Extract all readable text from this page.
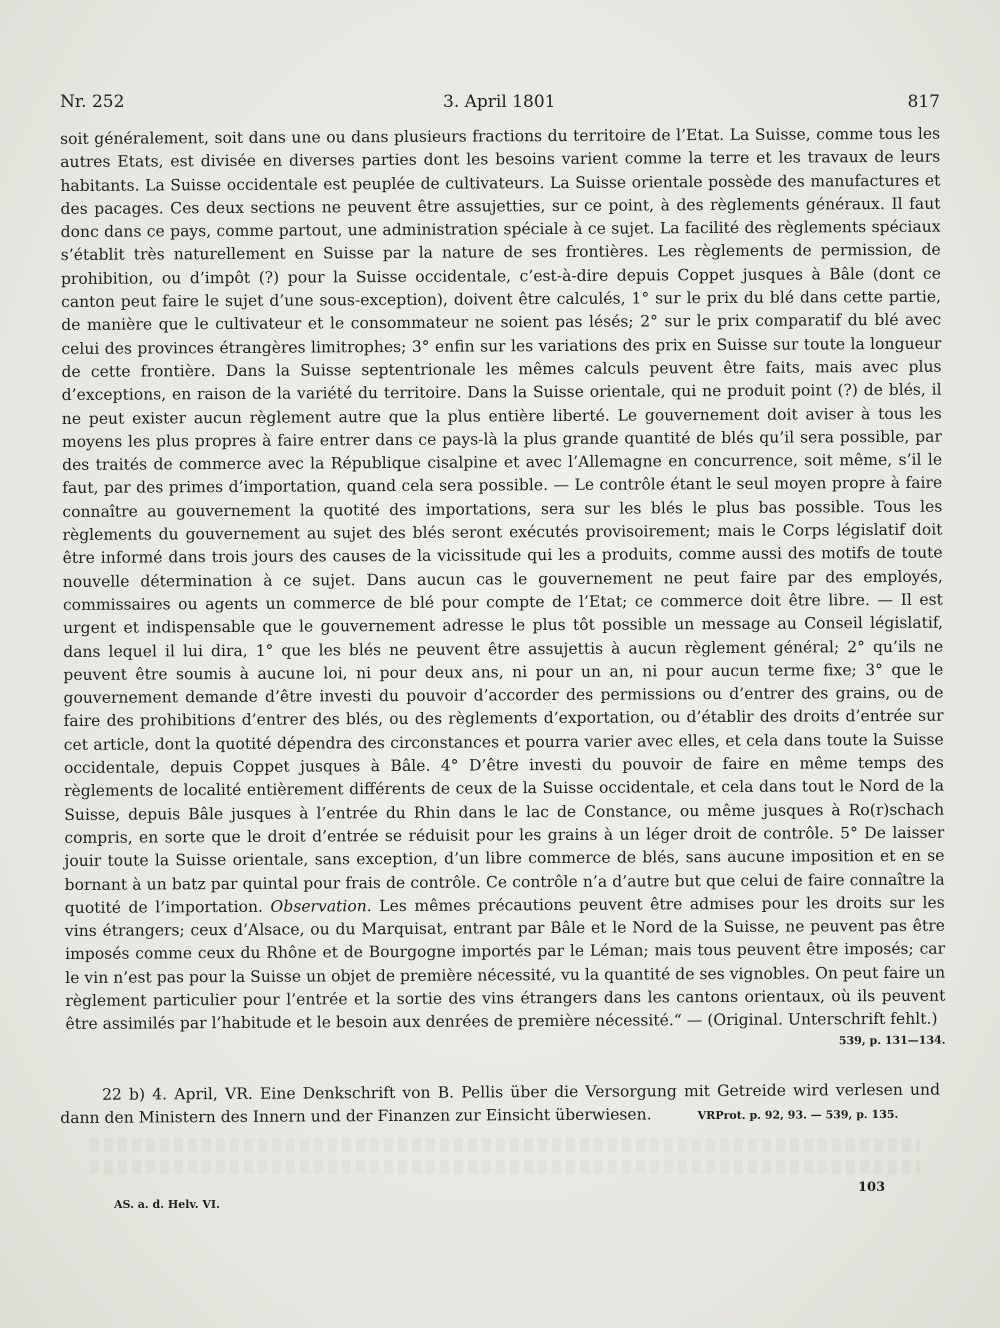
Nr. 252	3. April 1801	817

soit généralement, soit dans une ou dans plusieurs fractions du territoire de l’Etat. La Suisse, comme tous les autres Etats, est divisée en diverses parties dont les besoins varient comme la terre et les travaux de leurs habitants. La Suisse occidentale est peuplée de cultivateurs. La Suisse orientale possède des manufactures et des pacages. Ces deux sections ne peuvent être assujetties, sur ce point, à des règlements généraux. Il faut donc dans ce pays, comme partout, une administration spéciale à ce sujet. La facilité des règlements spéciaux s’établit très naturellement en Suisse par la nature de ses frontières. Les règlements de permission, de prohibition, ou d’impôt (?) pour la Suisse occidentale, c’est-à-dire depuis Coppet jusques à Bâle (dont ce canton peut faire le sujet d’une sous-exception), doivent être calculés, 1° sur le prix du blé dans cette partie, de manière que le cultivateur et le consommateur ne soient pas lésés; 2° sur le prix comparatif du blé avec celui des provinces étrangères limitrophes; 3° enfin sur les variations des prix en Suisse sur toute la longueur de cette frontière. Dans la Suisse septentrionale les mêmes calculs peuvent être faits, mais avec plus d’exceptions, en raison de la variété du territoire. Dans la Suisse orientale, qui ne produit point (?) de blés, il ne peut exister aucun règlement autre que la plus entière liberté. Le gouvernement doit aviser à tous les moyens les plus propres à faire entrer dans ce pays-là la plus grande quantité de blés qu’il sera possible, par des traités de commerce avec la République cisalpine et avec l’Allemagne en concurrence, soit même, s’il le faut, par des primes d’importation, quand cela sera possible. — Le contrôle étant le seul moyen propre à faire connaître au gouvernement la quotité des importations, sera sur les blés le plus bas possible. Tous les règlements du gouvernement au sujet des blés seront exécutés provisoirement; mais le Corps législatif doit être informé dans trois jours des causes de la vicissitude qui les a produits, comme aussi des motifs de toute nouvelle détermination à ce sujet. Dans aucun cas le gouvernement ne peut faire par des employés, commissaires ou agents un commerce de blé pour compte de l’Etat; ce commerce doit être libre. — Il est urgent et indispensable que le gouvernement adresse le plus tôt possible un message au Conseil législatif, dans lequel il lui dira, 1° que les blés ne peuvent être assujettis à aucun règlement général; 2° qu’ils ne peuvent être soumis à aucune loi, ni pour deux ans, ni pour un an, ni pour aucun terme fixe; 3° que le gouvernement demande d’être investi du pouvoir d’accorder des permissions ou d’entrer des grains, ou de faire des prohibitions d’entrer des blés, ou des règlements d’exportation, ou d’établir des droits d’entrée sur cet article, dont la quotité dépendra des circonstances et pourra varier avec elles, et cela dans toute la Suisse occidentale, depuis Coppet jusques à Bâle. 4° D’être investi du pouvoir de faire en même temps des règlements de localité entièrement différents de ceux de la Suisse occidentale, et cela dans tout le Nord de la Suisse, depuis Bâle jusques à l’entrée du Rhin dans le lac de Constance, ou même jusques à Ro(r)schach compris, en sorte que le droit d’entrée se réduisit pour les grains à un léger droit de contrôle. 5° De laisser jouir toute la Suisse orientale, sans exception, d’un libre commerce de blés, sans aucune imposition et en se bornant à un batz par quintal pour frais de contrôle. Ce contrôle n’a d’autre but que celui de faire connaître la quotité de l’importation. Observation. Les mêmes précautions peuvent être admises pour les droits sur les vins étrangers; ceux d’Alsace, ou du Marquisat, entrant par Bâle et le Nord de la Suisse, ne peuvent pas être imposés comme ceux du Rhône et de Bourgogne importés par le Léman; mais tous peuvent être imposés; car le vin n’est pas pour la Suisse un objet de première nécessité, vu la quantité de ses vignobles. On peut faire un règlement particulier pour l’entrée et la sortie des vins étrangers dans les cantons orientaux, où ils peuvent être assimilés par l’habitude et le besoin aux denrées de première nécessité.“ — (Original. Unterschrift fehlt.)

539, p. 131—134.

22 b) 4. April, VR. Eine Denkschrift von B. Pellis über die Versorgung mit Getreide wird verlesen und dann den Ministern des Innern und der Finanzen zur Einsicht überwiesen.	VRProt. p. 92, 93. — 539, p. 135.

AS. a. d. Helv. VI.
103
